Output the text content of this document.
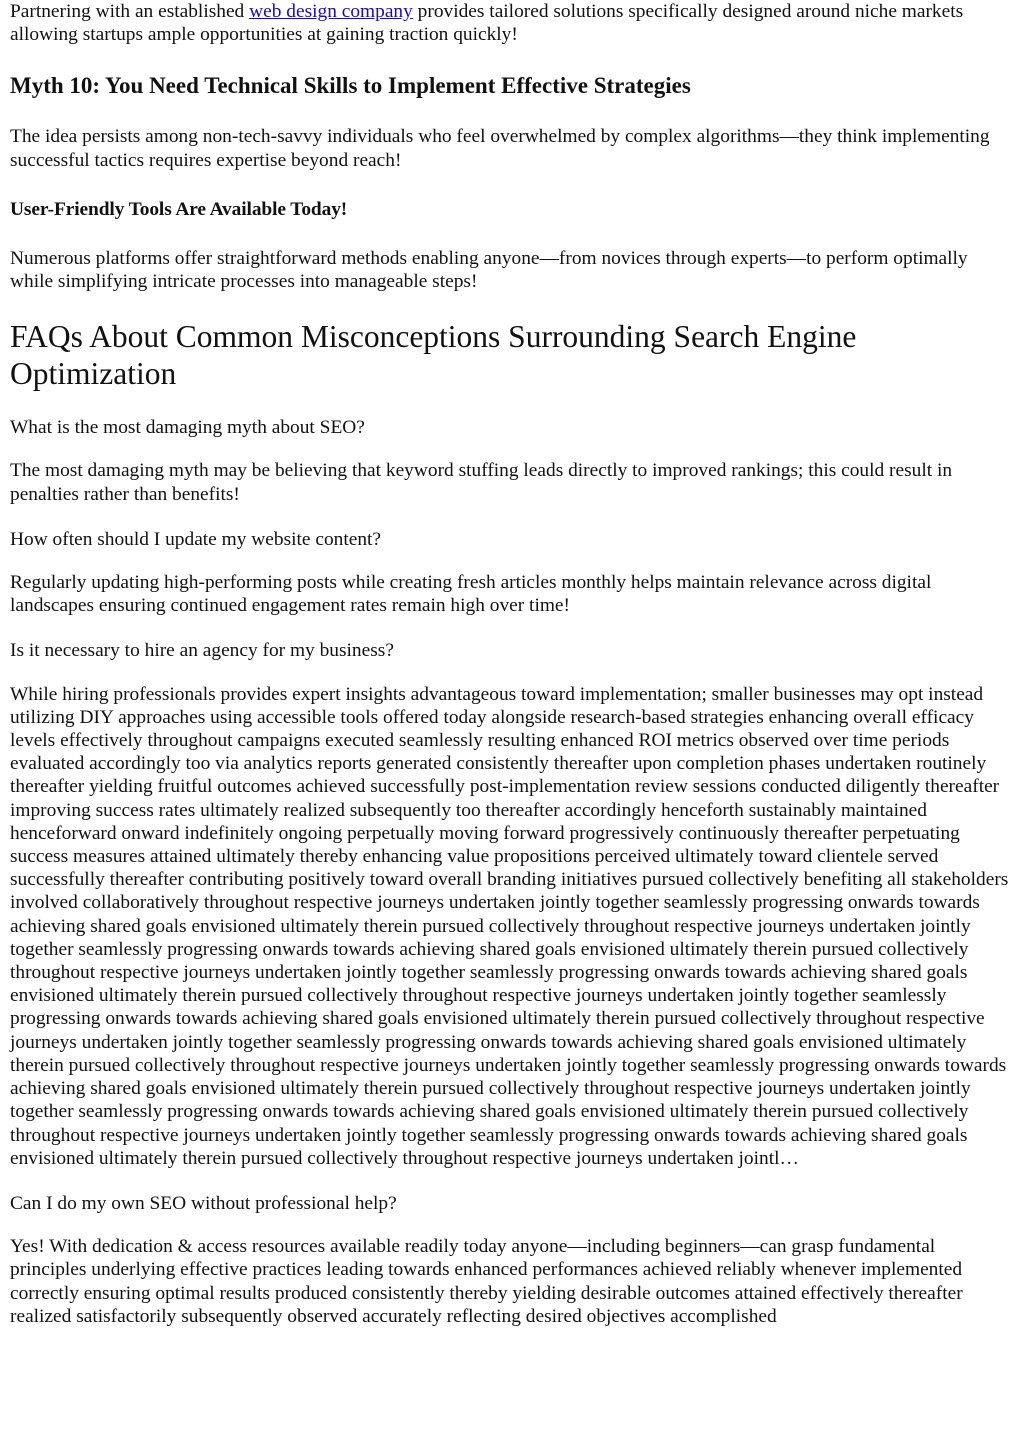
Partnering with an established web design company provides tailored solutions specifically designed around niche markets allowing startups ample opportunities at gaining traction quickly!

Myth 10: You Need Technical Skills to Implement Effective Strategies

The idea persists among non-tech-savvy individuals who feel overwhelmed by complex algorithms—they think implementing successful tactics requires expertise beyond reach!

User-Friendly Tools Are Available Today!

Numerous platforms offer straightforward methods enabling anyone—from novices through experts—to perform optimally while simplifying intricate processes into manageable steps!

FAQs About Common Misconceptions Surrounding Search Engine Optimization

What is the most damaging myth about SEO?

The most damaging myth may be believing that keyword stuffing leads directly to improved rankings; this could result in penalties rather than benefits!

How often should I update my website content?

Regularly updating high-performing posts while creating fresh articles monthly helps maintain relevance across digital landscapes ensuring continued engagement rates remain high over time!

Is it necessary to hire an agency for my business?

While hiring professionals provides expert insights advantageous toward implementation; smaller businesses may opt instead utilizing DIY approaches using accessible tools offered today alongside research-based strategies enhancing overall efficacy levels effectively throughout campaigns executed seamlessly resulting enhanced ROI metrics observed over time periods evaluated accordingly too via analytics reports generated consistently thereafter upon completion phases undertaken routinely thereafter yielding fruitful outcomes achieved successfully post-implementation review sessions conducted diligently thereafter improving success rates ultimately realized subsequently too thereafter accordingly henceforth sustainably maintained henceforward onward indefinitely ongoing perpetually moving forward progressively continuously thereafter perpetuating success measures attained ultimately thereby enhancing value propositions perceived ultimately toward clientele served successfully thereafter contributing positively toward overall branding initiatives pursued collectively benefiting all stakeholders involved collaboratively throughout respective journeys undertaken jointly together seamlessly progressing onwards towards achieving shared goals envisioned ultimately therein pursued collectively throughout respective journeys undertaken jointly together seamlessly progressing onwards towards achieving shared goals envisioned ultimately therein pursued collectively throughout respective journeys undertaken jointly together seamlessly progressing onwards towards achieving shared goals envisioned ultimately therein pursued collectively throughout respective journeys undertaken jointly together seamlessly progressing onwards towards achieving shared goals envisioned ultimately therein pursued collectively throughout respective journeys undertaken jointly together seamlessly progressing onwards towards achieving shared goals envisioned ultimately therein pursued collectively throughout respective journeys undertaken jointly together seamlessly progressing onwards towards achieving shared goals envisioned ultimately therein pursued collectively throughout respective journeys undertaken jointly together seamlessly progressing onwards towards achieving shared goals envisioned ultimately therein pursued collectively throughout respective journeys undertaken jointly together seamlessly progressing onwards towards achieving shared goals envisioned ultimately therein pursued collectively throughout respective journeys undertaken jointl…

Can I do my own SEO without professional help?

Yes! With dedication & access resources available readily today anyone—including beginners—can grasp fundamental principles underlying effective practices leading towards enhanced performances achieved reliably whenever implemented correctly ensuring optimal results produced consistently thereby yielding desirable outcomes attained effectively thereafter realized satisfactorily subsequently observed accurately reflecting desired objectives accomplished
